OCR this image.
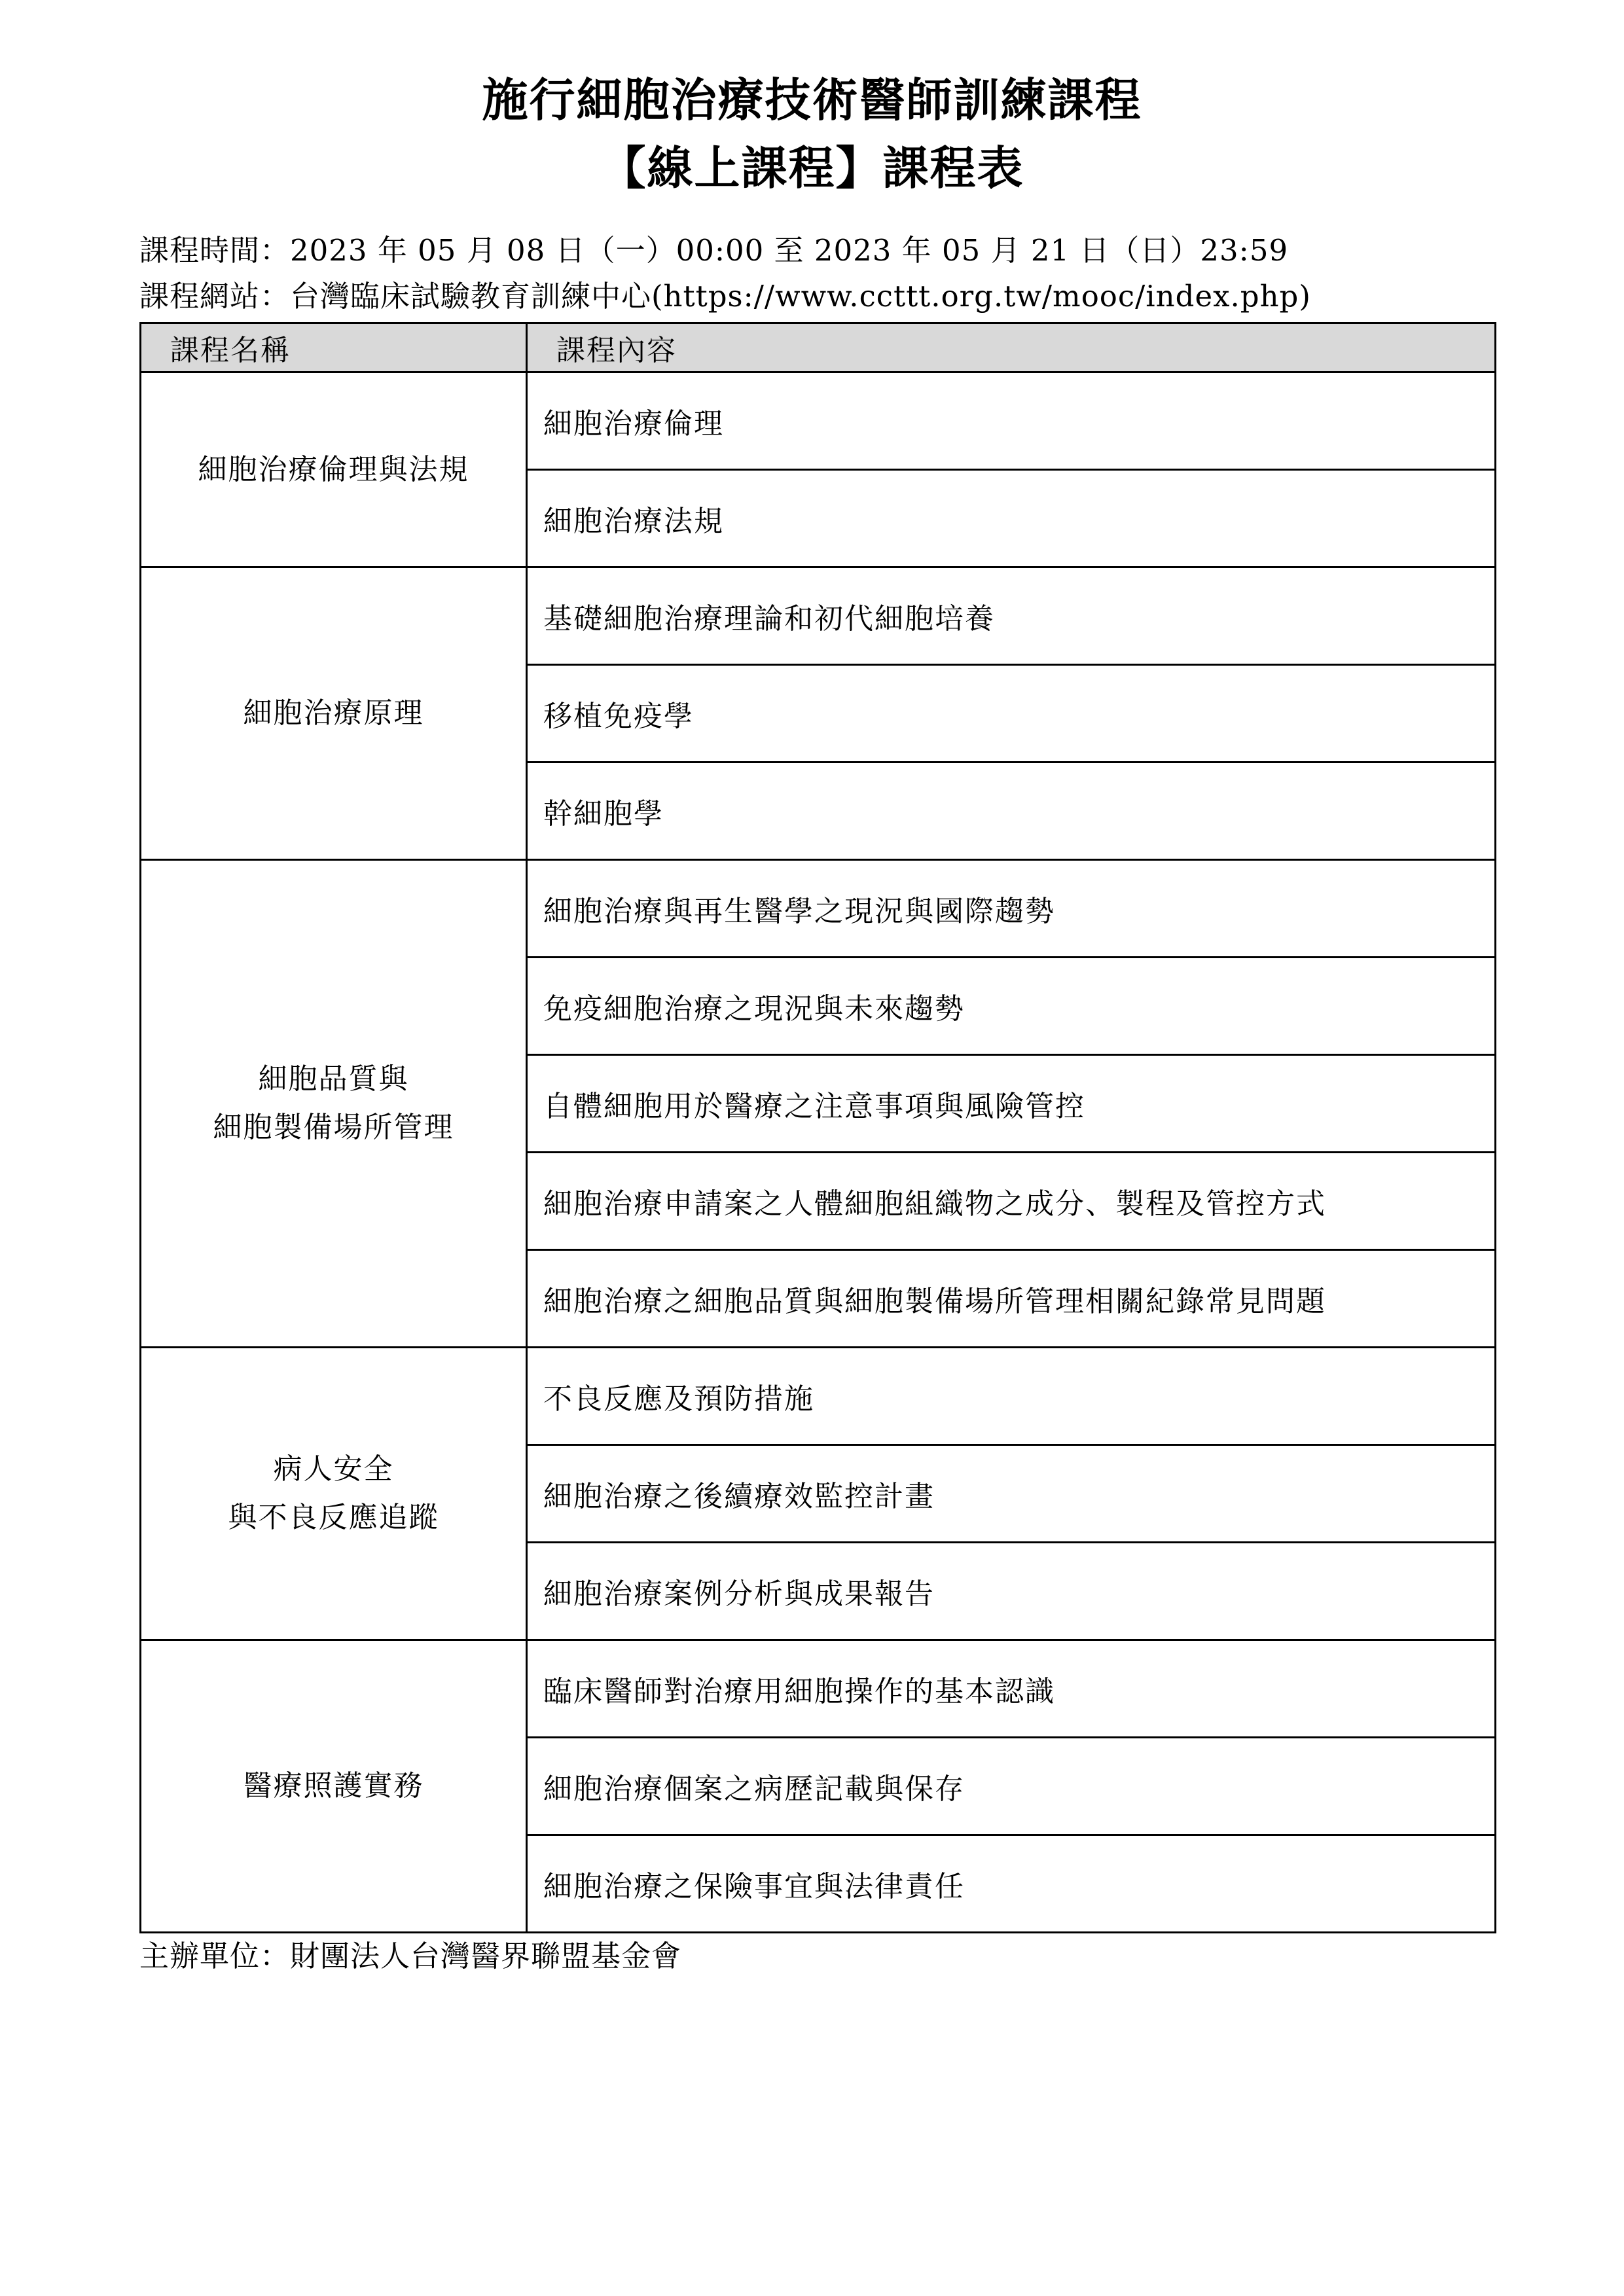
施行細胞治療技術醫師訓練課程
【線上課程】課程表
課程時間：2023 年 05 月 08 日（一）00:00 至 2023 年 05 月 21 日（日）23:59
課程網站：台灣臨床試驗教育訓練中心(https://www.ccttt.org.tw/mooc/index.php)
課程名稱	課程內容

細胞治療倫理與法規	細胞治療倫理
	細胞治療法規

細胞治療原理	基礎細胞治療理論和初代細胞培養
	移植免疫學
	幹細胞學

細胞品質與
細胞製備場所管理	細胞治療與再生醫學之現況與國際趨勢
	免疫細胞治療之現況與未來趨勢
	自體細胞用於醫療之注意事項與風險管控
	細胞治療申請案之人體細胞組織物之成分、製程及管控方式
	細胞治療之細胞品質與細胞製備場所管理相關紀錄常見問題

病人安全
與不良反應追蹤	不良反應及預防措施
	細胞治療之後續療效監控計畫
	細胞治療案例分析與成果報告

醫療照護實務	臨床醫師對治療用細胞操作的基本認識
	細胞治療個案之病歷記載與保存
	細胞治療之保險事宜與法律責任
主辦單位：財團法人台灣醫界聯盟基金會
